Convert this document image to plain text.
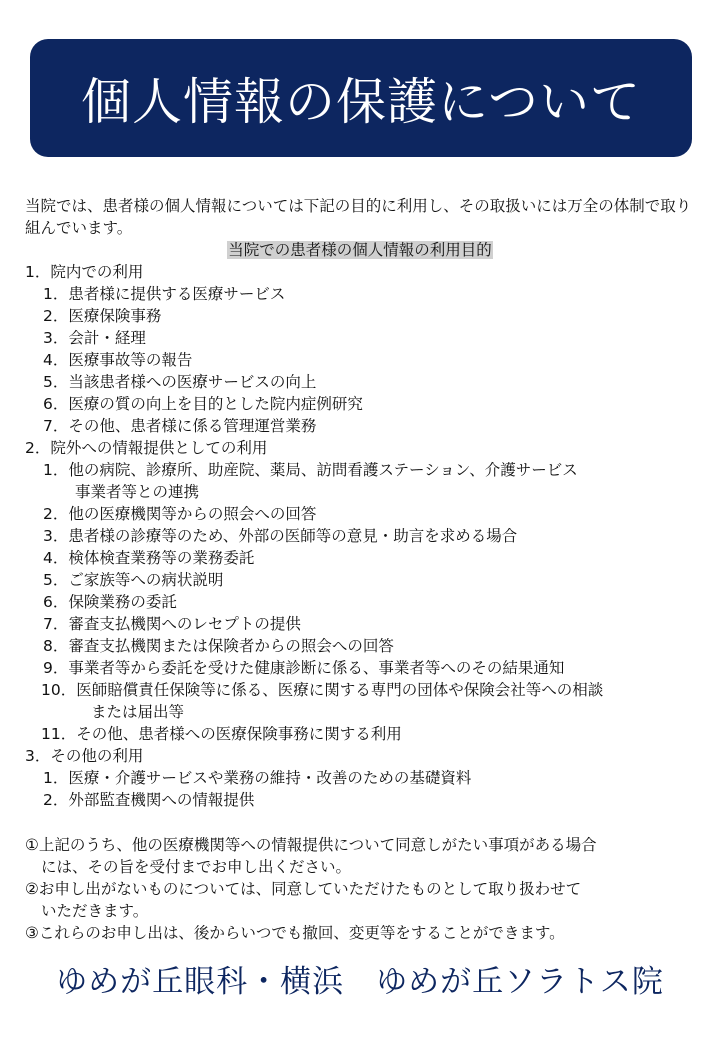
個人情報の保護について
当院では、患者様の個人情報については下記の目的に利用し、その取扱いには万全の体制で取り組んでいます。
当院での患者様の個人情報の利用目的
1．院内での利用
1．患者様に提供する医療サービス
2．医療保険事務
3．会計・経理
4．医療事故等の報告
5．当該患者様への医療サービスの向上
6．医療の質の向上を目的とした院内症例研究
7．その他、患者様に係る管理運営業務
2．院外への情報提供としての利用
1．他の病院、診療所、助産院、薬局、訪問看護ステーション、介護サービス
事業者等との連携
2．他の医療機関等からの照会への回答
3．患者様の診療等のため、外部の医師等の意見・助言を求める場合
4．検体検査業務等の業務委託
5．ご家族等への病状説明
6．保険業務の委託
7．審査支払機関へのレセプトの提供
8．審査支払機関または保険者からの照会への回答
9．事業者等から委託を受けた健康診断に係る、事業者等へのその結果通知
10．医師賠償責任保険等に係る、医療に関する専門の団体や保険会社等への相談
または届出等
11．その他、患者様への医療保険事務に関する利用
3．その他の利用
1．医療・介護サービスや業務の維持・改善のための基礎資料
2．外部監査機関への情報提供
①上記のうち、他の医療機関等への情報提供について同意しがたい事項がある場合
には、その旨を受付までお申し出ください。
②お申し出がないものについては、同意していただけたものとして取り扱わせて
いただきます。
③これらのお申し出は、後からいつでも撤回、変更等をすることができます。
ゆめが丘眼科・横浜　ゆめが丘ソラトス院
